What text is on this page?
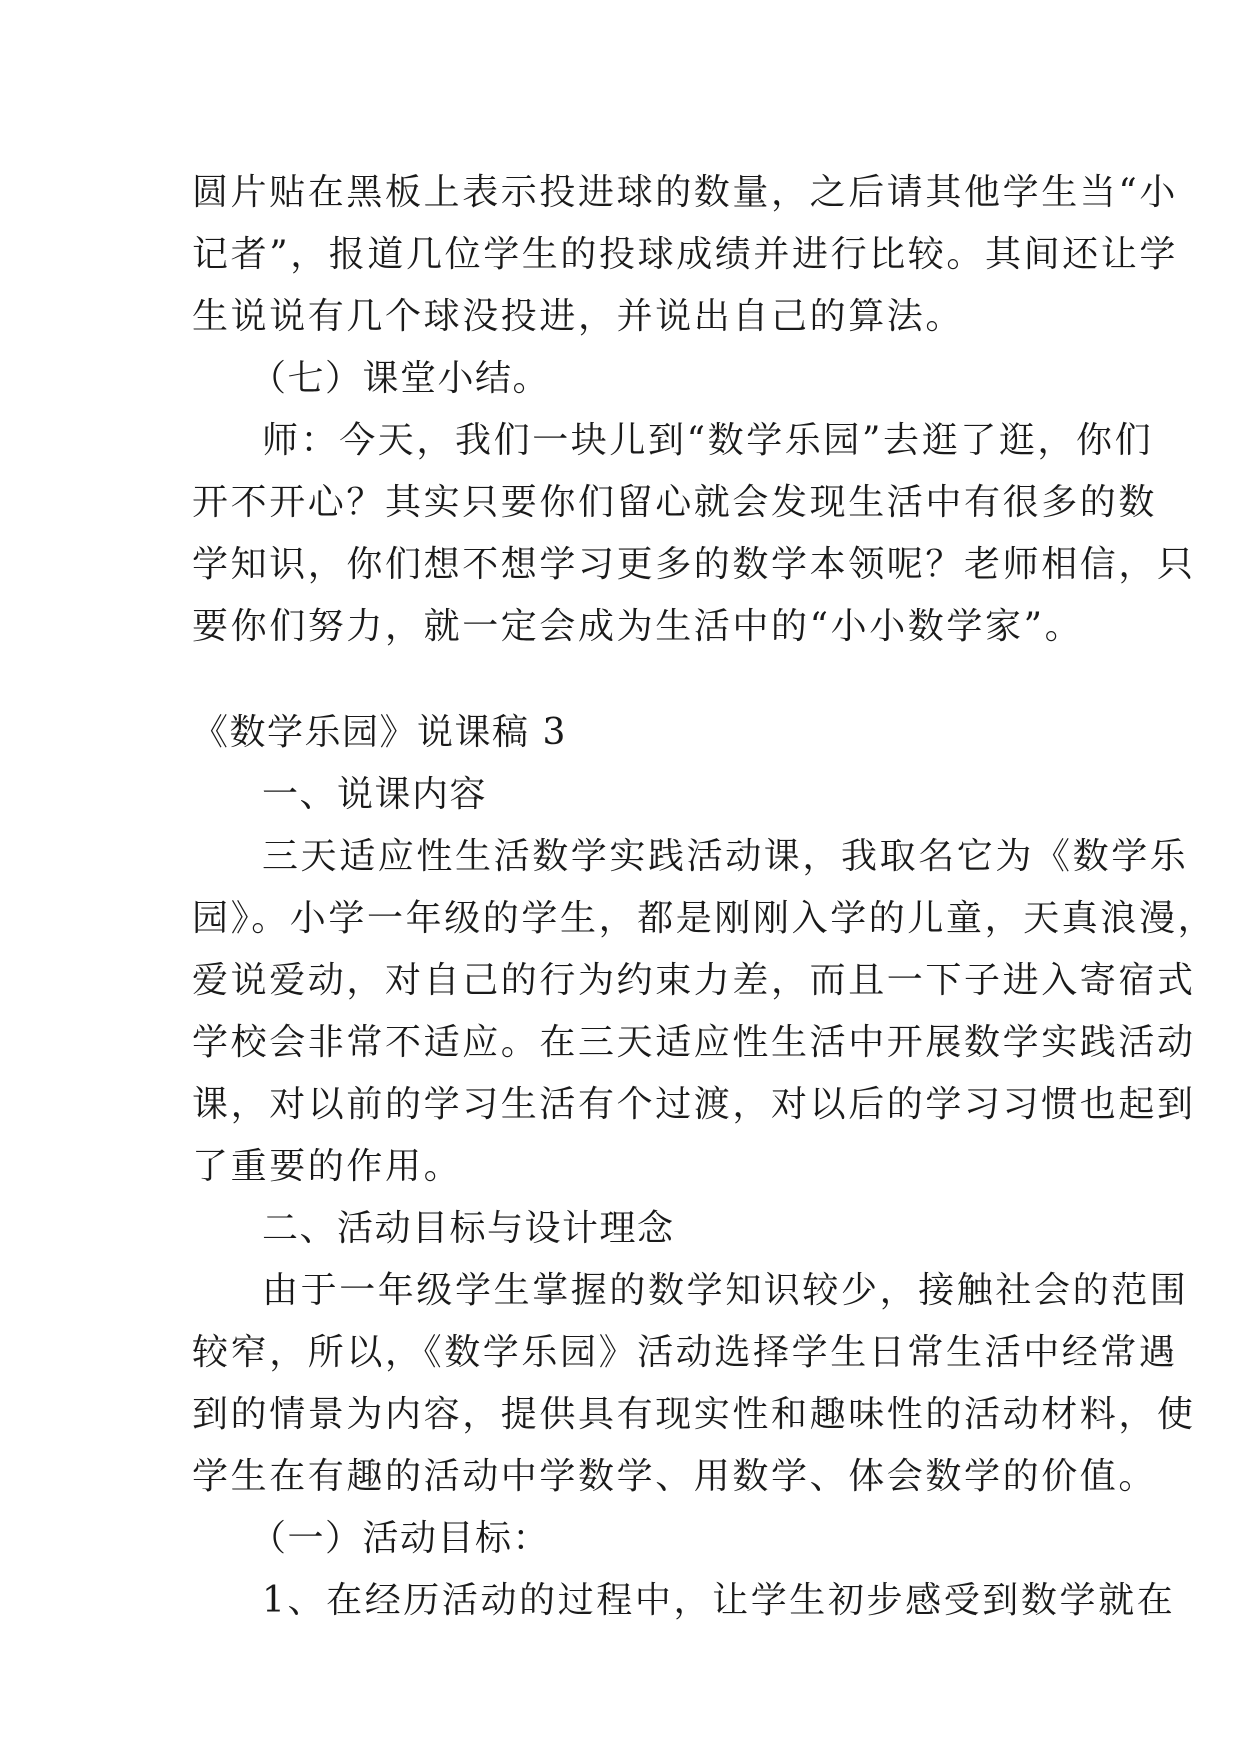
圆片贴在黑板上表示投进球的数量，之后请其他学生当“小
记者”，报道几位学生的投球成绩并进行比较。其间还让学
生说说有几个球没投进，并说出自己的算法。
（七）课堂小结。
师：今天，我们一块儿到“数学乐园”去逛了逛，你们
开不开心？其实只要你们留心就会发现生活中有很多的数
学知识，你们想不想学习更多的数学本领呢？老师相信，只
要你们努力，就一定会成为生活中的“小小数学家”。
《数学乐园》说课稿 3
一、说课内容
三天适应性生活数学实践活动课，我取名它为《数学乐
园》。小学一年级的学生，都是刚刚入学的儿童，天真浪漫，
爱说爱动，对自己的行为约束力差，而且一下子进入寄宿式
学校会非常不适应。在三天适应性生活中开展数学实践活动
课，对以前的学习生活有个过渡，对以后的学习习惯也起到
了重要的作用。
二、活动目标与设计理念
由于一年级学生掌握的数学知识较少，接触社会的范围
较窄，所以，《数学乐园》活动选择学生日常生活中经常遇
到的情景为内容，提供具有现实性和趣味性的活动材料，使
学生在有趣的活动中学数学、用数学、体会数学的价值。
（一）活动目标：
1、在经历活动的过程中，让学生初步感受到数学就在
